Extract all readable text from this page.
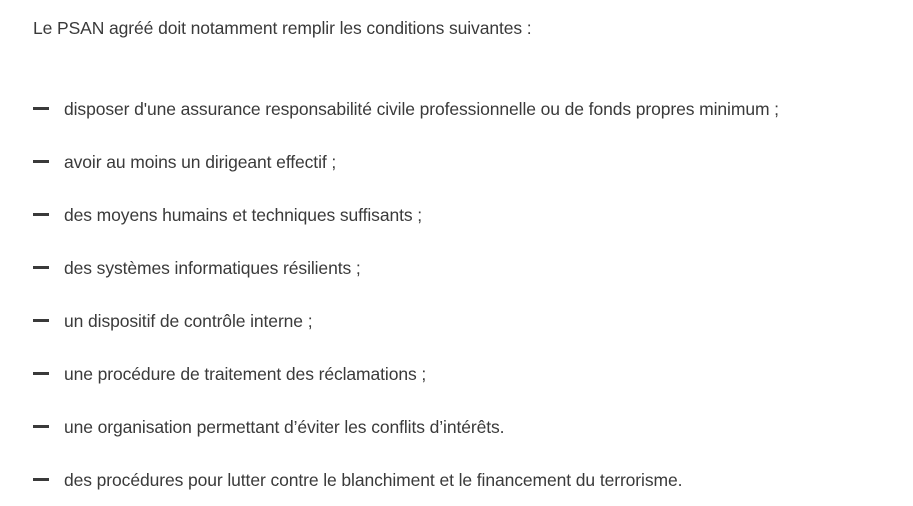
Le PSAN agréé doit notamment remplir les conditions suivantes :

disposer d'une assurance responsabilité civile professionnelle ou de fonds propres minimum ;
avoir au moins un dirigeant effectif ;
des moyens humains et techniques suffisants ;
des systèmes informatiques résilients ;
un dispositif de contrôle interne ;
une procédure de traitement des réclamations ;
une organisation permettant d’éviter les conflits d’intérêts.
des procédures pour lutter contre le blanchiment et le financement du terrorisme.
